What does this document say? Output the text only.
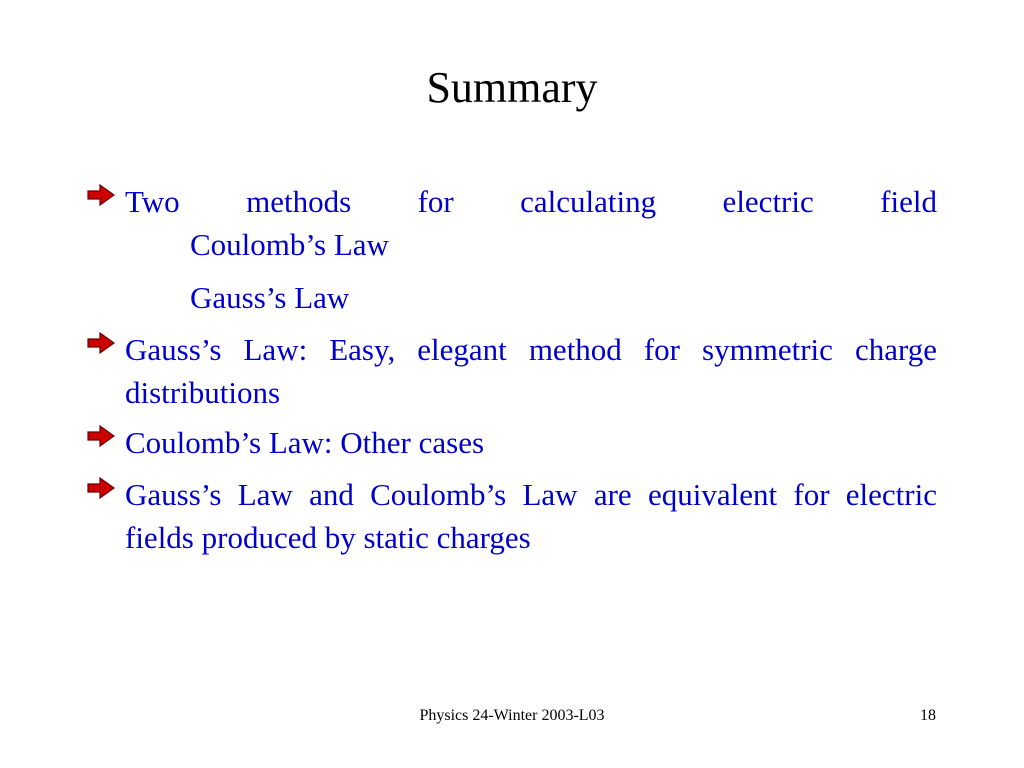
Summary
Two methods for calculating electric field
Coulomb’s Law
Gauss’s Law
Gauss’s Law: Easy, elegant method for symmetric charge distributions
Coulomb’s Law: Other cases
Gauss’s Law and Coulomb’s Law are equivalent for electric fields produced by static charges
Physics 24-Winter 2003-L03	18
